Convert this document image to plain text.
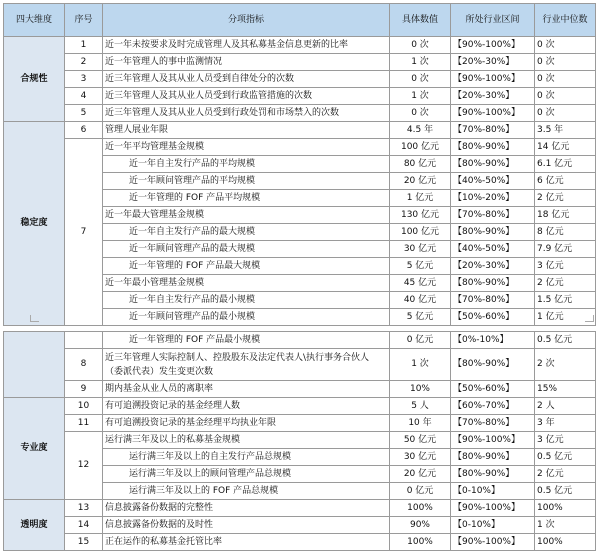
四大维度	序号	分项指标	具体数值	所处行业区间	行业中位数
合规性	1	近一年未按要求及时完成管理人及其私募基金信息更新的比率	0 次	【90%-100%】	0 次
	2	近一年管理人的事中监测情况	1 次	【20%-30%】	0 次
	3	近三年管理人及其从业人员受到自律处分的次数	0 次	【90%-100%】	0 次
	4	近三年管理人及其从业人员受到行政监管措施的次数	1 次	【20%-30%】	0 次
	5	近三年管理人及其从业人员受到行政处罚和市场禁入的次数	0 次	【90%-100%】	0 次
稳定度	6	管理人展业年限	4.5 年	【70%-80%】	3.5 年
	7	近一年平均管理基金规模	100 亿元	【80%-90%】	14 亿元
		近一年自主发行产品的平均规模	80 亿元	【80%-90%】	6.1 亿元
		近一年顾问管理产品的平均规模	20 亿元	【40%-50%】	6 亿元
		近一年管理的 FOF 产品平均规模	1 亿元	【10%-20%】	2 亿元
		近一年最大管理基金规模	130 亿元	【70%-80%】	18 亿元
		近一年自主发行产品的最大规模	100 亿元	【80%-90%】	8 亿元
		近一年顾问管理产品的最大规模	30 亿元	【40%-50%】	7.9 亿元
		近一年管理的 FOF 产品最大规模	5 亿元	【20%-30%】	3 亿元
		近一年最小管理基金规模	45 亿元	【80%-90%】	2 亿元
		近一年自主发行产品的最小规模	40 亿元	【70%-80%】	1.5 亿元
		近一年顾问管理产品的最小规模	5 亿元	【50%-60%】	1 亿元
		近一年管理的 FOF 产品最小规模	0 亿元	【0%-10%】	0.5 亿元
	8	近三年管理人实际控制人、控股股东及法定代表人\执行事务合伙人（委派代表）发生变更次数	1 次	【80%-90%】	2 次
	9	期内基金从业人员的离职率	10%	【50%-60%】	15%
专业度	10	有可追溯投资记录的基金经理人数	5 人	【60%-70%】	2 人
	11	有可追溯投资记录的基金经理平均执业年限	10 年	【70%-80%】	3 年
	12	运行满三年及以上的私募基金规模	50 亿元	【90%-100%】	3 亿元
		运行满三年及以上的自主发行产品总规模	30 亿元	【80%-90%】	0.5 亿元
		运行满三年及以上的顾问管理产品总规模	20 亿元	【80%-90%】	2 亿元
		运行满三年及以上的 FOF 产品总规模	0 亿元	【0-10%】	0.5 亿元
透明度	13	信息披露备份数据的完整性	100%	【90%-100%】	100%
	14	信息披露备份数据的及时性	90%	【0-10%】	1 次
	15	正在运作的私募基金托管比率	100%	【90%-100%】	100%
